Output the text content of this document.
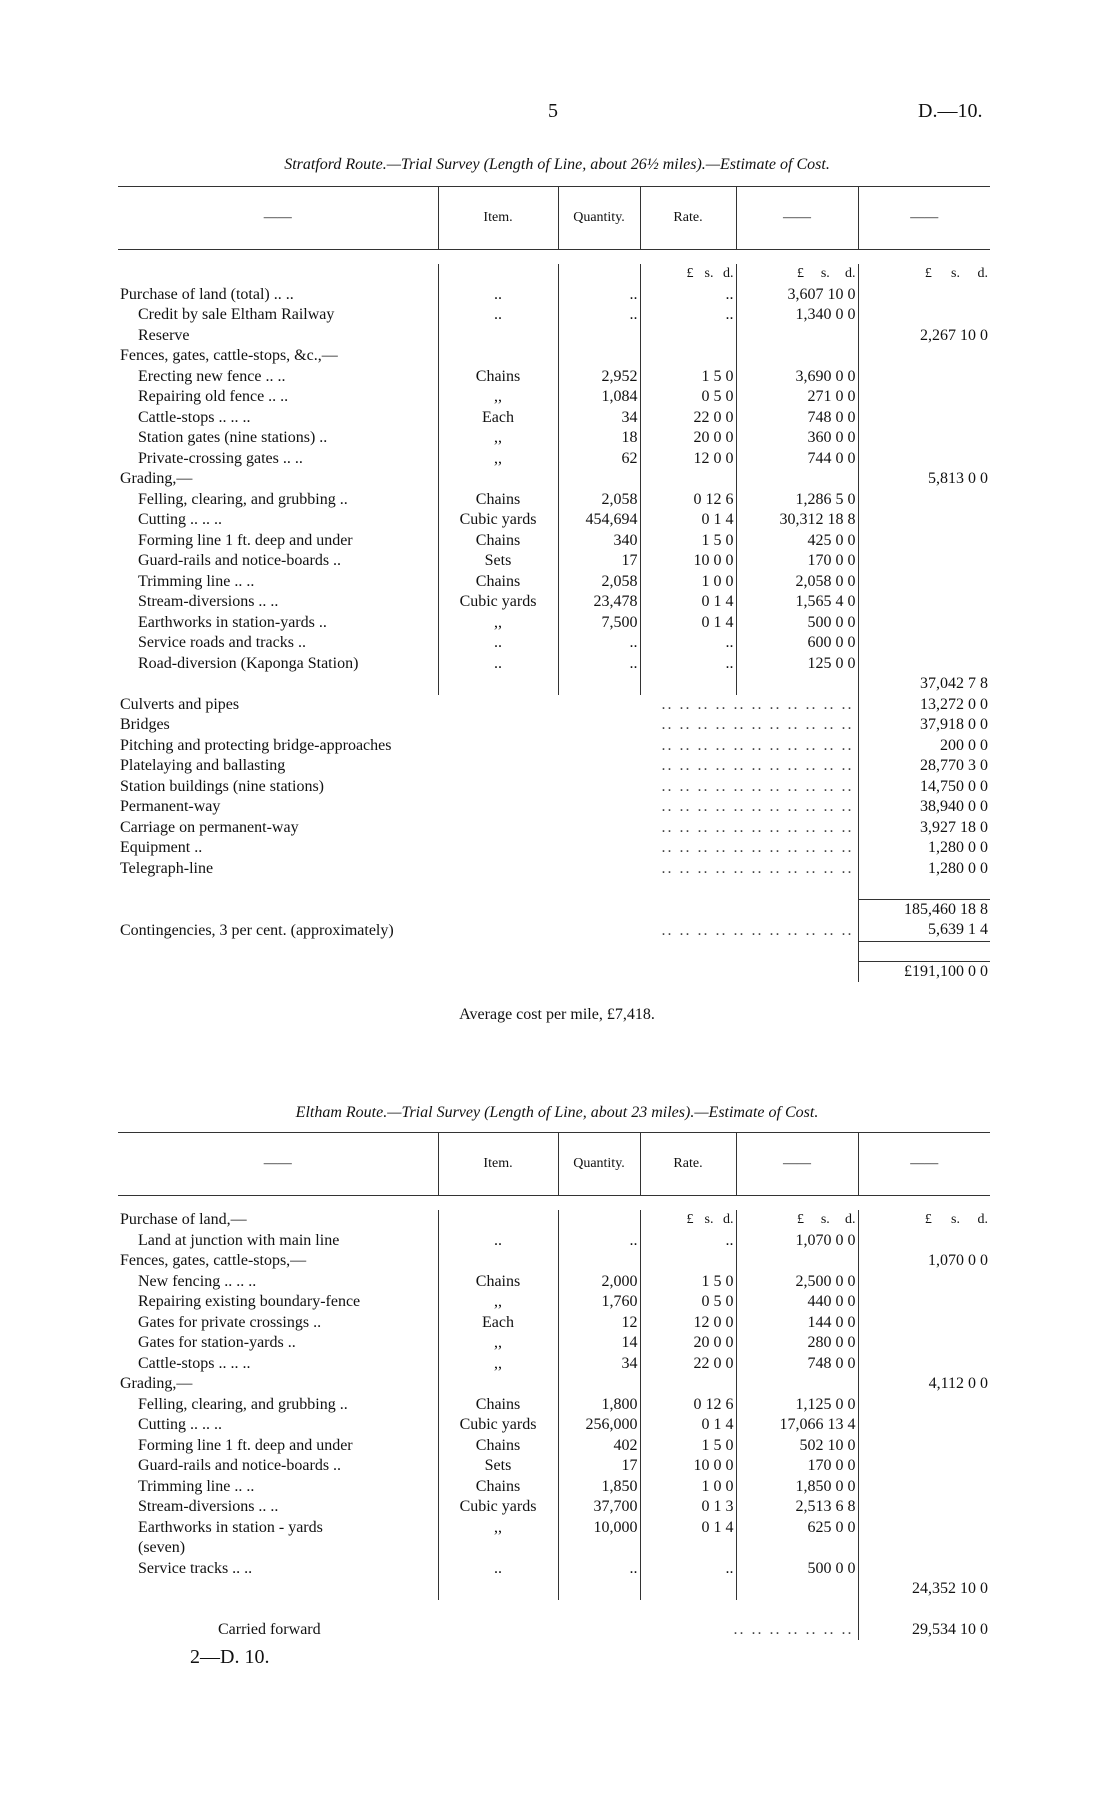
5	D.—10.
Stratford Route.—Trial Survey (Length of Line, about 26½ miles).—Estimate of Cost.
——	Item.	Quantity.	Rate.	——	——

			£ s. d.	£ s. d.	£ s. d.
Purchase of land (total) .. ..	..	..	..	3,607 10 0	
Credit by sale Eltham Railway	..	..	..	1,340 0 0	
Reserve					2,267 10 0
Fences, gates, cattle-stops, &c.,—					
Erecting new fence .. ..	Chains	2,952	1 5 0	3,690 0 0	
Repairing old fence .. ..	,,	1,084	0 5 0	271 0 0	
Cattle-stops .. .. ..	Each	34	22 0 0	748 0 0	
Station gates (nine stations) ..	,,	18	20 0 0	360 0 0	
Private-crossing gates .. ..	,,	62	12 0 0	744 0 0	
Grading,—					5,813 0 0
Felling, clearing, and grubbing ..	Chains	2,058	0 12 6	1,286 5 0	
Cutting .. .. ..	Cubic yards	454,694	0 1 4	30,312 18 8	
Forming line 1 ft. deep and under	Chains	340	1 5 0	425 0 0	
Guard-rails and notice-boards ..	Sets	17	10 0 0	170 0 0	
Trimming line .. ..	Chains	2,058	1 0 0	2,058 0 0	
Stream-diversions .. ..	Cubic yards	23,478	0 1 4	1,565 4 0	
Earthworks in station-yards ..	,,	7,500	0 1 4	500 0 0	
Service roads and tracks ..	..	..	..	600 0 0	
Road-diversion (Kaponga Station)	..	..	..	125 0 0	
					37,042 7 8

.. .. .. .. .. .. .. .. .. .. ..
Culverts and pipes					13,272 0 0

.. .. .. .. .. .. .. .. .. .. ..
Bridges					37,918 0 0

.. .. .. .. .. .. .. .. .. .. ..
Pitching and protecting bridge-approaches					200 0 0

.. .. .. .. .. .. .. .. .. .. ..
Platelaying and ballasting					28,770 3 0

.. .. .. .. .. .. .. .. .. .. ..
Station buildings (nine stations)					14,750 0 0

.. .. .. .. .. .. .. .. .. .. ..
Permanent-way					38,940 0 0

.. .. .. .. .. .. .. .. .. .. ..
Carriage on permanent-way					3,927 18 0

.. .. .. .. .. .. .. .. .. .. ..
Equipment ..					1,280 0 0

.. .. .. .. .. .. .. .. .. .. ..
Telegraph-line					1,280 0 0

					185,460 18 8

.. .. .. .. .. .. .. .. .. .. ..
Contingencies, 3 per cent. (approximately)					5,639 1 4

					£191,100 0 0
Average cost per mile, £7,418.
Eltham Route.—Trial Survey (Length of Line, about 23 miles).—Estimate of Cost.
——	Item.	Quantity.	Rate.	——	——

Purchase of land,—			£ s. d.	£ s. d.	£ s. d.
Land at junction with main line	..	..	..	1,070 0 0	
Fences, gates, cattle-stops,—					1,070 0 0
New fencing .. .. ..	Chains	2,000	1 5 0	2,500 0 0	
Repairing existing boundary-fence	,,	1,760	0 5 0	440 0 0	
Gates for private crossings ..	Each	12	12 0 0	144 0 0	
Gates for station-yards ..	,,	14	20 0 0	280 0 0	
Cattle-stops .. .. ..	,,	34	22 0 0	748 0 0	
Grading,—					4,112 0 0
Felling, clearing, and grubbing ..	Chains	1,800	0 12 6	1,125 0 0	
Cutting .. .. ..	Cubic yards	256,000	0 1 4	17,066 13 4	
Forming line 1 ft. deep and under	Chains	402	1 5 0	502 10 0	
Guard-rails and notice-boards ..	Sets	17	10 0 0	170 0 0	
Trimming line .. ..	Chains	1,850	1 0 0	1,850 0 0	
Stream-diversions .. ..	Cubic yards	37,700	0 1 3	2,513 6 8	
Earthworks in station - yards	,,	10,000	0 1 4	625 0 0	
(seven)					
Service tracks .. ..	..	..	..	500 0 0	
					24,352 10 0

.. .. .. .. .. .. ..
Carried forward					29,534 10 0
2—D. 10.
